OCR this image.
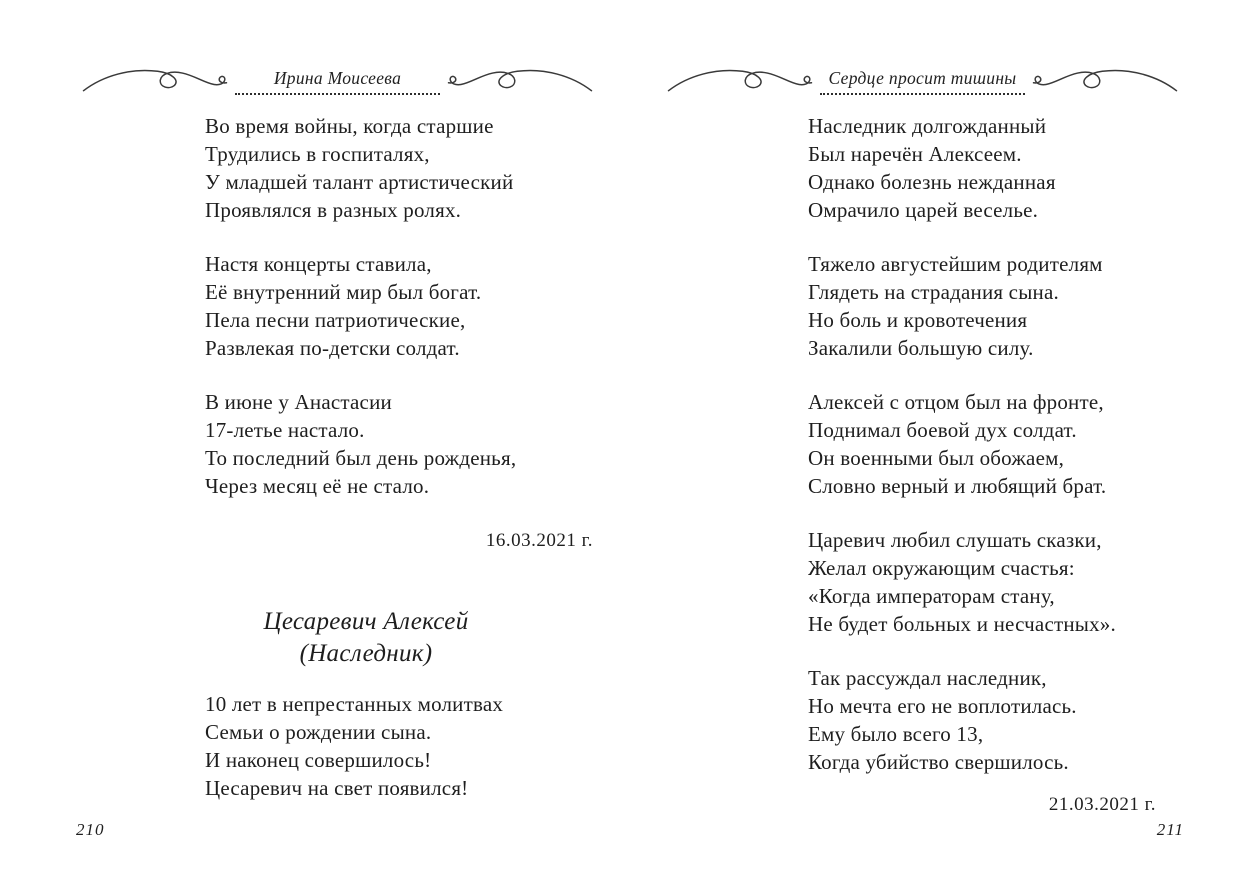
Ирина Моисеева
Во время войны, когда старшие
Трудились в госпиталях,
У младшей талант артистический
Проявлялся в разных ролях.
Настя концерты ставила,
Её внутренний мир был богат.
Пела песни патриотические,
Развлекая по-детски солдат.
В июне у Анастасии
17-летье настало.
То последний был день рожденья,
Через месяц её не стало.
16.03.2021 г.
Цесаревич Алексей
(Наследник)
10 лет в непрестанных молитвах
Семьи о рождении сына.
И наконец совершилось!
Цесаревич на свет появился!
210
Сердце просит тишины
Наследник долгожданный
Был наречён Алексеем.
Однако болезнь нежданная
Омрачило царей веселье.
Тяжело августейшим родителям
Глядеть на страдания сына.
Но боль и кровотечения
Закалили большую силу.
Алексей с отцом был на фронте,
Поднимал боевой дух солдат.
Он военными был обожаем,
Словно верный и любящий брат.
Царевич любил слушать сказки,
Желал окружающим счастья:
«Когда императорам стану,
Не будет больных и несчастных».
Так рассуждал наследник,
Но мечта его не воплотилась.
Ему было всего 13,
Когда убийство свершилось.
21.03.2021 г.
211
